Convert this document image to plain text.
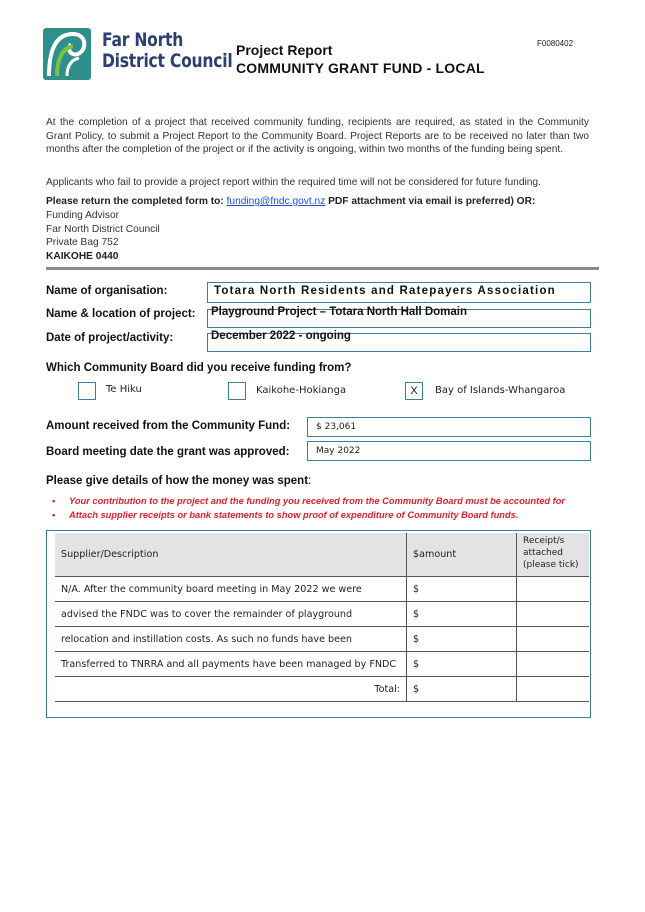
Far North
District Council Project Report
COMMUNITY GRANT FUND - LOCAL
F0080402
At the completion of a project that received community funding, recipients are required, as stated in the Community Grant Policy, to submit a Project Report to the Community Board. Project Reports are to be received no later than two months after the completion of the project or if the activity is ongoing, within two months of the funding being spent.
Applicants who fail to provide a project report within the required time will not be considered for future funding.
Please return the completed form to: funding@fndc.govt.nz PDF attachment via email is preferred) OR:
Funding Advisor
Far North District Council
Private Bag 752
KAIKOHE 0440
Name of organisation:	Totara North Residents and Ratepayers Association
Name & location of project: Playground Project – Totara North Hall Domain
Date of project/activity:	December 2022 - ongoing
Which Community Board did you receive funding from?
Te Hiku	Kaikohe-Hokianga	X	Bay of Islands-Whangaroa
Amount received from the Community Fund:	$ 23,061
Board meeting date the grant was approved:	May 2022
Please give details of how the money was spent:
• Your contribution to the project and the funding you received from the Community Board must be accounted for
• Attach supplier receipts or bank statements to show proof of expenditure of Community Board funds.
Supplier/Description	$amount	Receipt/s attached (please tick)
N/A. After the community board meeting in May 2022 we were	$	
advised the FNDC was to cover the remainder of playground	$	
relocation and instillation costs. As such no funds have been	$	
Transferred to TNRRA and all payments have been managed by FNDC	$	
Total:	$	
